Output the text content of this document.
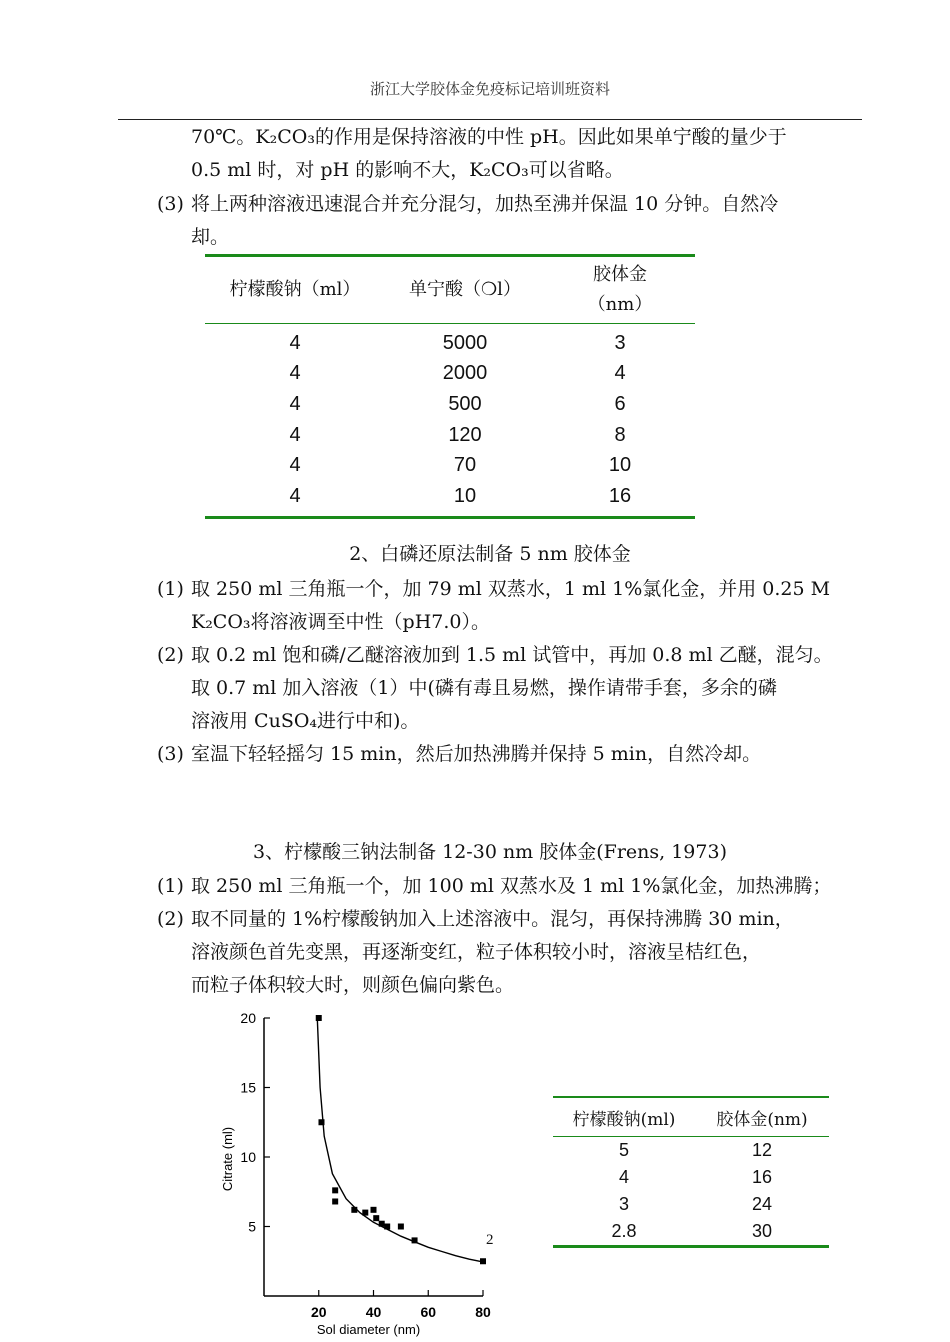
浙江大学胶体金免疫标记培训班资料
70℃。K₂CO₃的作用是保持溶液的中性 pH。因此如果单宁酸的量少于
0.5 ml 时，对 pH 的影响不大，K₂CO₃可以省略。
(3) 将上两种溶液迅速混合并充分混匀，加热至沸并保温 10 分钟。自然冷
却。
柠檬酸钠（ml）	单宁酸（❍l）	胶体金
（nm）
4	5000	3
4	2000	4
4	500	6
4	120	8
4	70	10
4	10	16
2、白磷还原法制备 5 nm 胶体金
(1) 取 250 ml 三角瓶一个，加 79 ml 双蒸水，1 ml 1%氯化金，并用 0.25 M
K₂CO₃将溶液调至中性（pH7.0）。
(2) 取 0.2 ml 饱和磷/乙醚溶液加到 1.5 ml 试管中，再加 0.8 ml 乙醚，混匀。
取 0.7 ml 加入溶液（1）中(磷有毒且易燃，操作请带手套，多余的磷
溶液用 CuSO₄进行中和)。
(3) 室温下轻轻摇匀 15 min，然后加热沸腾并保持 5 min，自然冷却。
3、柠檬酸三钠法制备 12-30 nm 胶体金(Frens, 1973)
(1) 取 250 ml 三角瓶一个，加 100 ml 双蒸水及 1 ml 1%氯化金，加热沸腾；
(2) 取不同量的 1%柠檬酸钠加入上述溶液中。混匀，再保持沸腾 30 min，
溶液颜色首先变黑，再逐渐变红，粒子体积较小时，溶液呈桔红色，
而粒子体积较大时，则颜色偏向紫色。
5
10
15
20
20	40	60	80
Sol diameter (nm)
Citrate (ml)
2
柠檬酸钠(ml)	胶体金(nm)
5	12
4	16
3	24
2.8	30
